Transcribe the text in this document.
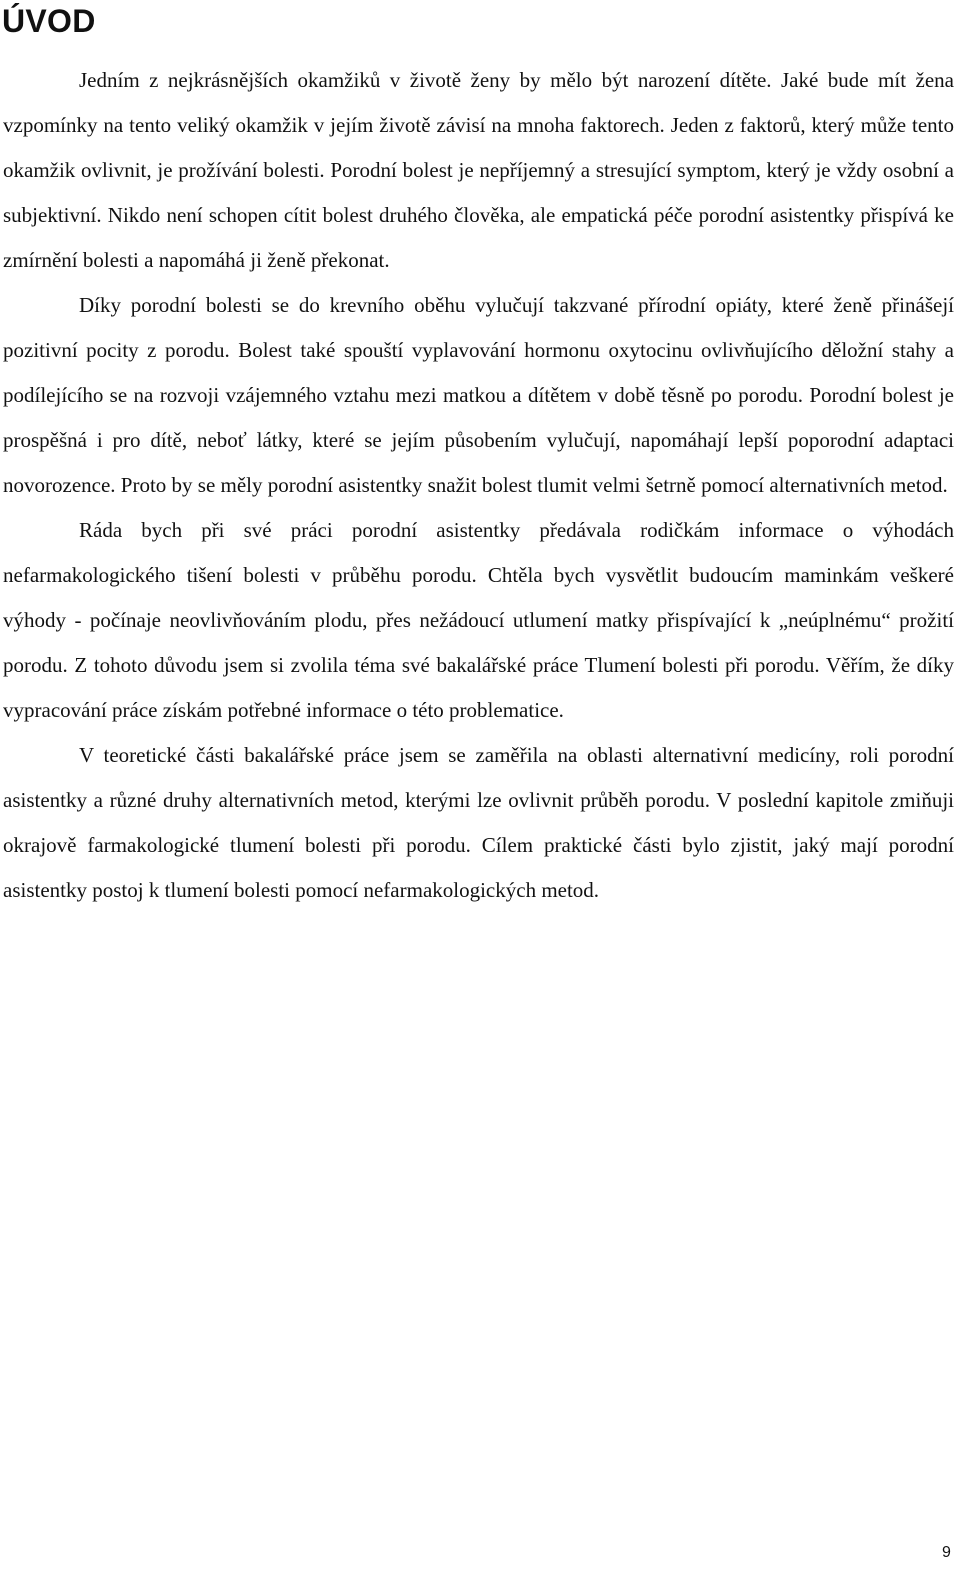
ÚVOD

Jedním z nejkrásnějších okamžiků v životě ženy by mělo být narození dítěte. Jaké bude mít žena vzpomínky na tento veliký okamžik v jejím životě závisí na mnoha faktorech. Jeden z faktorů, který může tento okamžik ovlivnit, je prožívání bolesti. Porodní bolest je nepříjemný a stresující symptom, který je vždy osobní a subjektivní. Nikdo není schopen cítit bolest druhého člověka, ale empatická péče porodní asistentky přispívá ke zmírnění bolesti a napomáhá ji ženě překonat.

Díky porodní bolesti se do krevního oběhu vylučují takzvané přírodní opiáty, které ženě přinášejí pozitivní pocity z porodu. Bolest také spouští vyplavování hormonu oxytocinu ovlivňujícího děložní stahy a podílejícího se na rozvoji vzájemného vztahu mezi matkou a dítětem v době těsně po porodu. Porodní bolest je prospěšná i pro dítě, neboť látky, které se jejím působením vylučují, napomáhají lepší poporodní adaptaci novorozence. Proto by se měly porodní asistentky snažit bolest tlumit velmi šetrně pomocí alternativních metod.

Ráda bych při své práci porodní asistentky předávala rodičkám informace o výhodách nefarmakologického tišení bolesti v průběhu porodu. Chtěla bych vysvětlit budoucím maminkám veškeré výhody - počínaje neovlivňováním plodu, přes nežádoucí utlumení matky přispívající k „neúplnému“ prožití porodu. Z tohoto důvodu jsem si zvolila téma své bakalářské práce Tlumení bolesti při porodu. Věřím, že díky vypracování práce získám potřebné informace o této problematice.

V teoretické části bakalářské práce jsem se zaměřila na oblasti alternativní medicíny, roli porodní asistentky a různé druhy alternativních metod, kterými lze ovlivnit průběh porodu. V poslední kapitole zmiňuji okrajově farmakologické tlumení bolesti při porodu. Cílem praktické části bylo zjistit, jaký mají porodní asistentky postoj k tlumení bolesti pomocí nefarmakologických metod.

9
